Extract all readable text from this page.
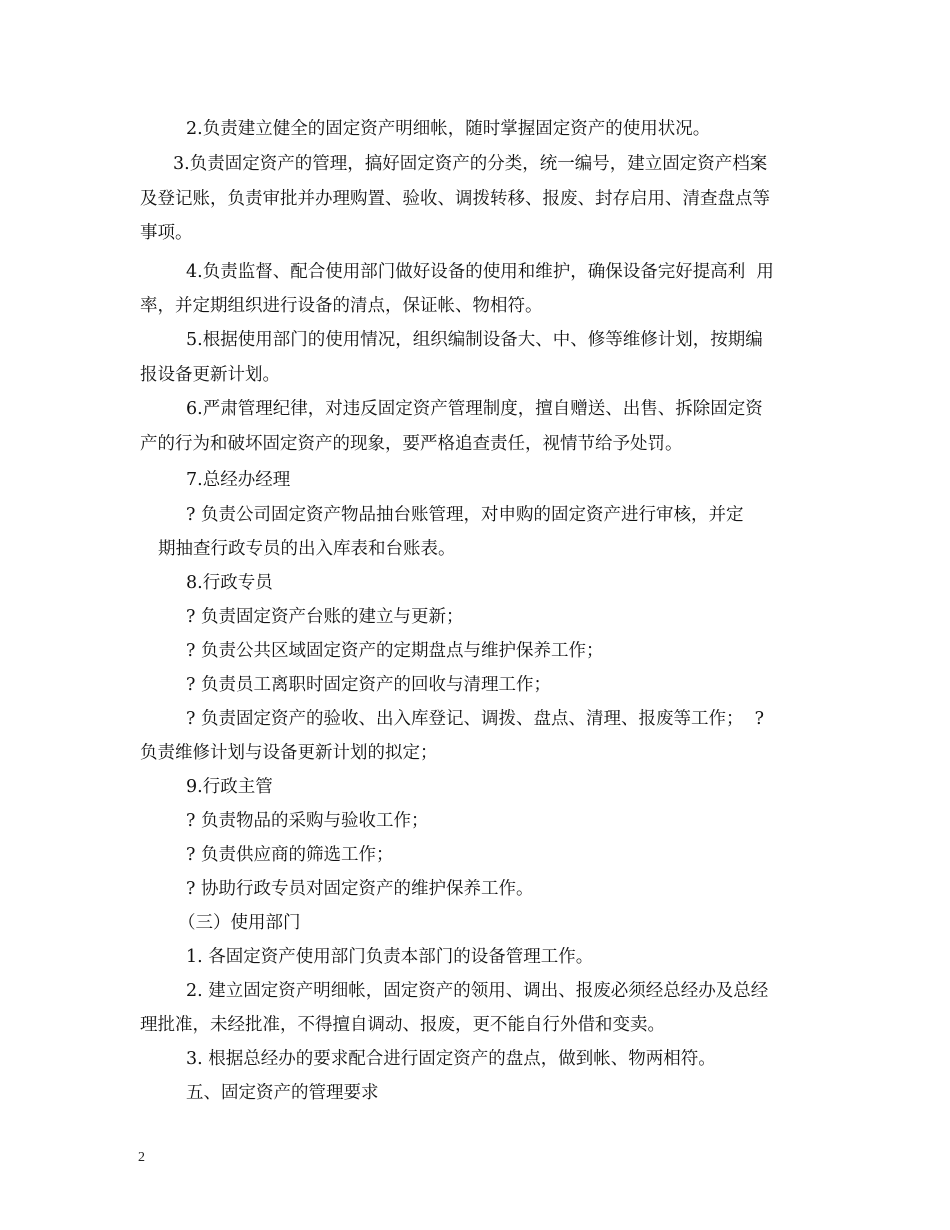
2.负责建立健全的固定资产明细帐，随时掌握固定资产的使用状况。
3.负责固定资产的管理，搞好固定资产的分类，统一编号，建立固定资产档案
及登记账，负责审批并办理购置、验收、调拨转移、报废、封存启用、清查盘点等
事项。
4.负责监督、配合使用部门做好设备的使用和维护，确保设备完好提高利  用
率，并定期组织进行设备的清点，保证帐、物相符。
5.根据使用部门的使用情况，组织编制设备大、中、修等维修计划，按期编
报设备更新计划。
6.严肃管理纪律，对违反固定资产管理制度，擅自赠送、出售、拆除固定资
产的行为和破坏固定资产的现象，要严格追查责任，视情节给予处罚。
7.总经办经理
? 负责公司固定资产物品抽台账管理，对申购的固定资产进行审核，并定
期抽查行政专员的出入库表和台账表。
8.行政专员
? 负责固定资产台账的建立与更新；
? 负责公共区域固定资产的定期盘点与维护保养工作；
? 负责员工离职时固定资产的回收与清理工作；
? 负责固定资产的验收、出入库登记、调拨、盘点、清理、报废等工作；  ?
负责维修计划与设备更新计划的拟定；
9.行政主管
? 负责物品的采购与验收工作；
? 负责供应商的筛选工作；
? 协助行政专员对固定资产的维护保养工作。
（三）使用部门
1. 各固定资产使用部门负责本部门的设备管理工作。
2. 建立固定资产明细帐，固定资产的领用、调出、报废必须经总经办及总经
理批准，未经批准，不得擅自调动、报废，更不能自行外借和变卖。
3. 根据总经办的要求配合进行固定资产的盘点，做到帐、物两相符。
五、固定资产的管理要求
2
